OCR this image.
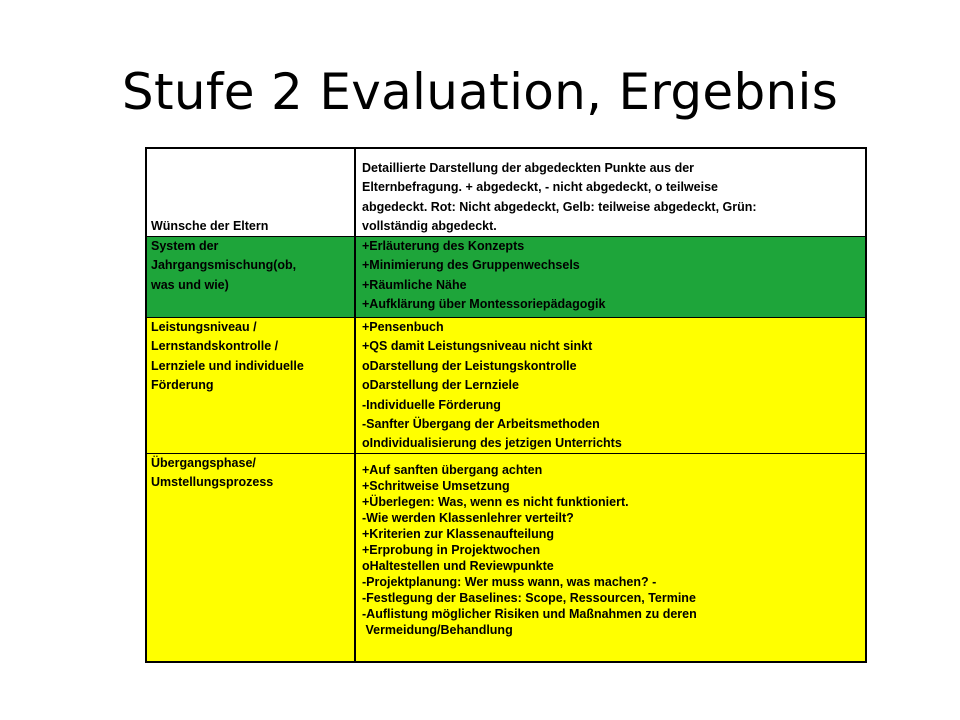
Stufe 2 Evaluation, Ergebnis
Wünsche der Eltern
Detaillierte Darstellung der abgedeckten Punkte aus der
Elternbefragung. + abgedeckt, - nicht abgedeckt, o teilweise
abgedeckt. Rot: Nicht abgedeckt, Gelb: teilweise abgedeckt, Grün:
vollständig abgedeckt.
System der
Jahrgangsmischung(ob,
was und wie)
+Erläuterung des Konzepts
+Minimierung des Gruppenwechsels
+Räumliche Nähe
+Aufklärung über Montessoriepädagogik
Leistungsniveau /
Lernstandskontrolle /
Lernziele und individuelle
Förderung
+Pensenbuch
+QS damit Leistungsniveau nicht sinkt
oDarstellung der Leistungskontrolle
oDarstellung der Lernziele
-Individuelle Förderung
-Sanfter Übergang der Arbeitsmethoden
oIndividualisierung des jetzigen Unterrichts
Übergangsphase/
Umstellungsprozess
+Auf sanften übergang achten
+Schritweise Umsetzung
+Überlegen: Was, wenn es nicht funktioniert.
-Wie werden Klassenlehrer verteilt?
+Kriterien zur Klassenaufteilung
+Erprobung in Projektwochen
oHaltestellen und Reviewpunkte
-Projektplanung: Wer muss wann, was machen? -
-Festlegung der Baselines: Scope, Ressourcen, Termine
-Auflistung möglicher Risiken und Maßnahmen zu deren
Vermeidung/Behandlung
